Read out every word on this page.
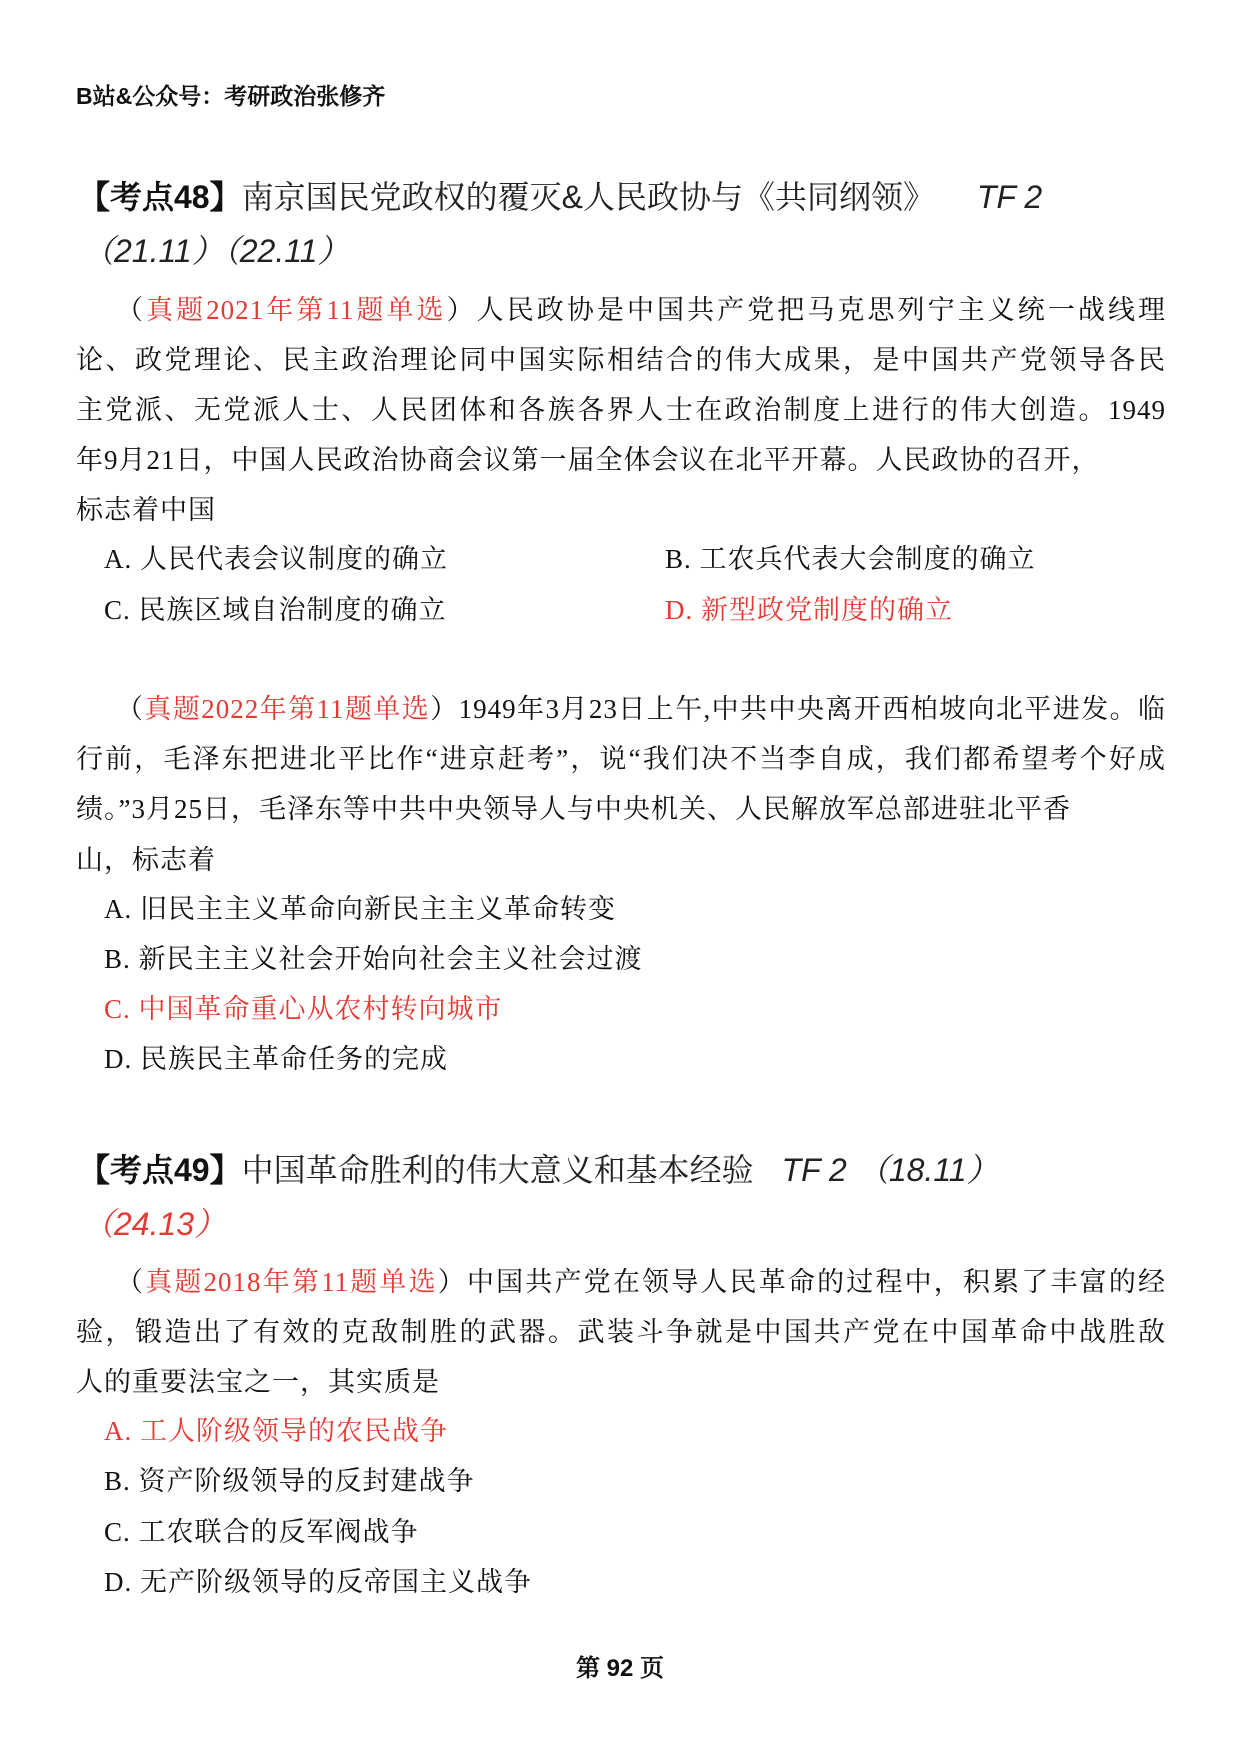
B站&公众号：考研政治张修齐
【考点48】南京国民党政权的覆灭&人民政协与《共同纲领》 TF 2
（21.11）（22.11）
（真题2021年第11题单选）人民政协是中国共产党把马克思列宁主义统一战线理
论、政党理论、民主政治理论同中国实际相结合的伟大成果，是中国共产党领导各民
主党派、无党派人士、人民团体和各族各界人士在政治制度上进行的伟大创造。1949
年9月21日，中国人民政治协商会议第一届全体会议在北平开幕。人民政协的召开，
标志着中国
A. 人民代表会议制度的确立	B. 工农兵代表大会制度的确立
C. 民族区域自治制度的确立	D. 新型政党制度的确立
（真题2022年第11题单选）1949年3月23日上午,中共中央离开西柏坡向北平进发。临
行前，毛泽东把进北平比作“进京赶考”，说“我们决不当李自成，我们都希望考个好成
绩。”3月25日，毛泽东等中共中央领导人与中央机关、人民解放军总部进驻北平香
山，标志着
A. 旧民主主义革命向新民主主义革命转变
B. 新民主主义社会开始向社会主义社会过渡
C. 中国革命重心从农村转向城市
D. 民族民主革命任务的完成
【考点49】中国革命胜利的伟大意义和基本经验 TF 2 （18.11）
（24.13）
（真题2018年第11题单选）中国共产党在领导人民革命的过程中，积累了丰富的经
验，锻造出了有效的克敌制胜的武器。武装斗争就是中国共产党在中国革命中战胜敌
人的重要法宝之一，其实质是
A. 工人阶级领导的农民战争
B. 资产阶级领导的反封建战争
C. 工农联合的反军阀战争
D. 无产阶级领导的反帝国主义战争
第 92 页
